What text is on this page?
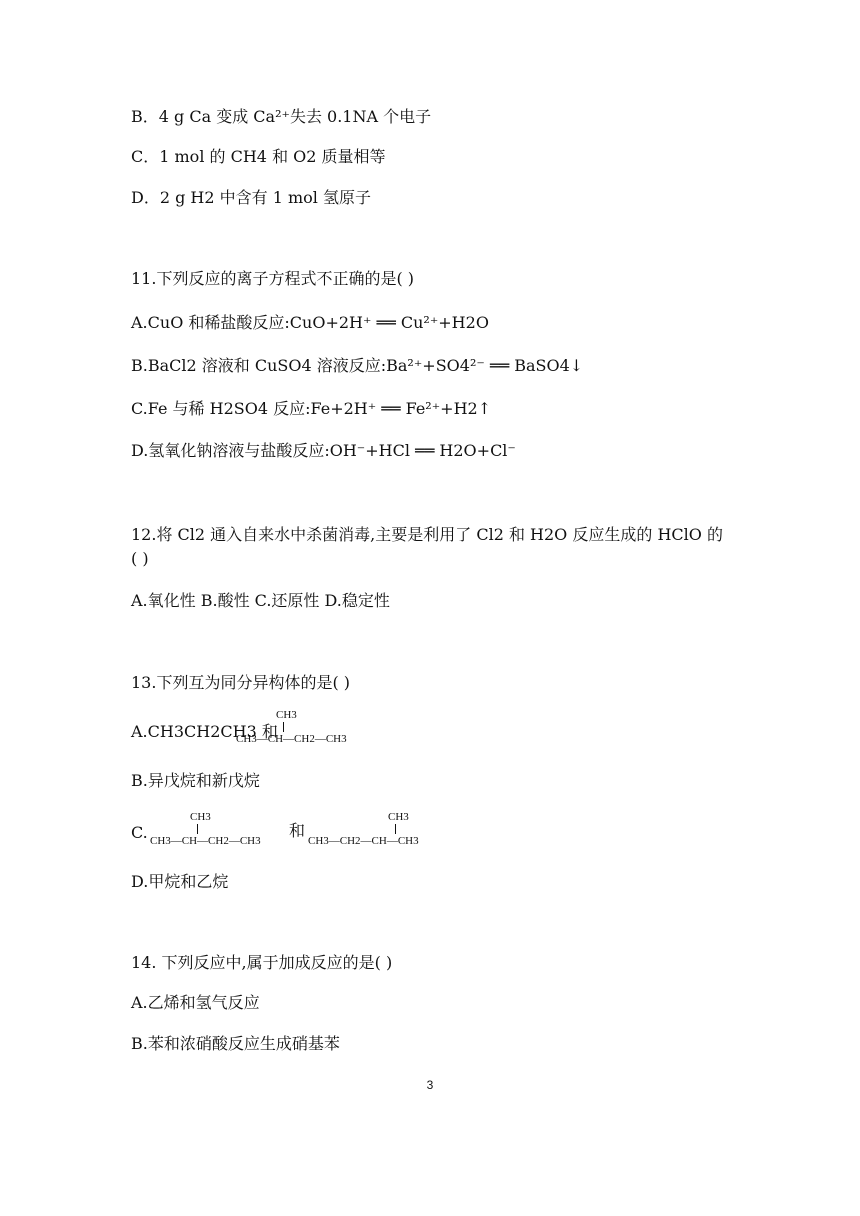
B．4 g Ca 变成 Ca²⁺失去 0.1NA 个电子
C．1 mol 的 CH4 和 O2 质量相等
D．2 g H2 中含有 1 mol 氢原子
11.下列反应的离子方程式不正确的是( )
A.CuO 和稀盐酸反应:CuO+2H⁺ ══ Cu²⁺+H2O
B.BaCl2 溶液和 CuSO4 溶液反应:Ba²⁺+SO4²⁻ ══ BaSO4↓
C.Fe 与稀 H2SO4 反应:Fe+2H⁺ ══ Fe²⁺+H2↑
D.氢氧化钠溶液与盐酸反应:OH⁻+HCl ══ H2O+Cl⁻
12.将 Cl2 通入自来水中杀菌消毒,主要是利用了 Cl2 和 H2O 反应生成的 HClO 的
( )
A.氧化性 B.酸性 C.还原性 D.稳定性
13.下列互为同分异构体的是( )
A.CH3CH2CH3 和
CH3
CH3—CH—CH2—CH3
B.异戊烷和新戊烷
C.
CH3
CH3—CH—CH2—CH3
和
CH3
CH3—CH2—CH—CH3
D.甲烷和乙烷
14. 下列反应中,属于加成反应的是( )
A.乙烯和氢气反应
B.苯和浓硝酸反应生成硝基苯
3
